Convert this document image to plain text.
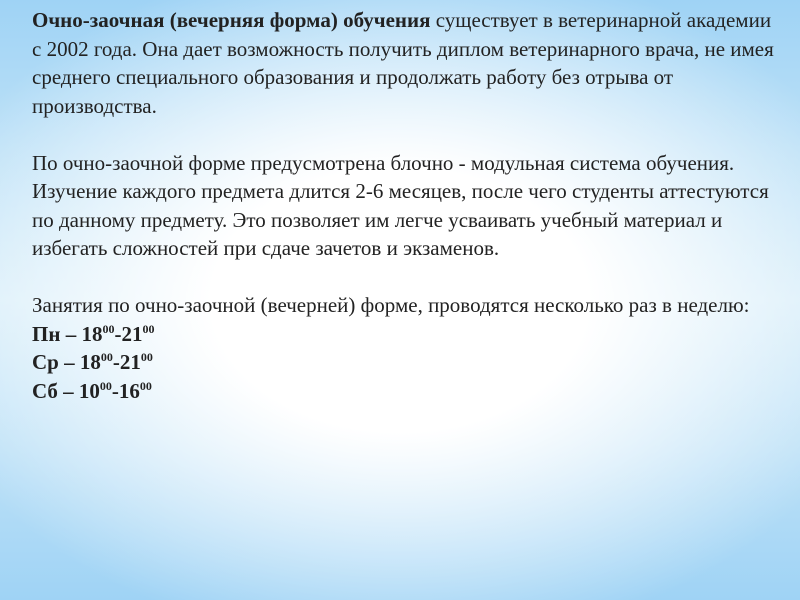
Очно-заочная (вечерняя форма) обучения существует в ветеринарной академии с 2002 года. Она дает возможность получить диплом ветеринарного врача, не имея среднего специального образования и продолжать работу без отрыва от производства.

По очно-заочной форме предусмотрена блочно - модульная система обучения. Изучение каждого предмета длится 2-6 месяцев, после чего студенты аттестуются по данному предмету. Это позволяет им легче усваивать учебный материал и избегать сложностей при сдаче зачетов и экзаменов.

Занятия по очно-заочной (вечерней) форме, проводятся несколько раз в неделю:

Пн – $18^{00}-21^{00}$

Ср – $18^{00}-21^{00}$

Сб – $10^{00}-16^{00}$
